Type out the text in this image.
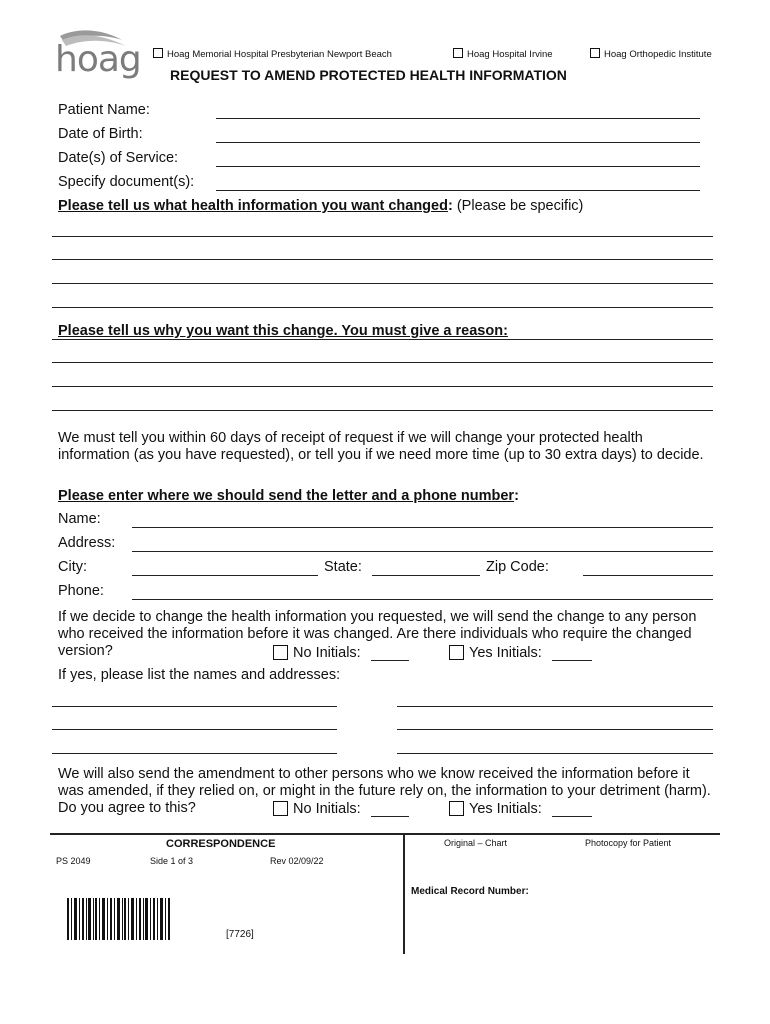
hoag	Hoag Memorial Hospital Presbyterian Newport Beach	Hoag Hospital Irvine	Hoag Orthopedic Institute
REQUEST TO AMEND PROTECTED HEALTH INFORMATION
Patient Name:
Date of Birth:
Date(s) of Service:
Specify document(s):
Please tell us what health information you want changed: (Please be specific)
Please tell us why you want this change. You must give a reason:
We must tell you within 60 days of receipt of request if we will change your protected health information (as you have requested), or tell you if we need more time (up to 30 extra days) to decide.
Please enter where we should send the letter and a phone number:
Name:
Address:
City:	State:	Zip Code:
Phone:
If we decide to change the health information you requested, we will send the change to any person who received the information before it was changed. Are there individuals who require the changed version?	No Initials:	Yes Initials:
If yes, please list the names and addresses:
We will also send the amendment to other persons who we know received the information before it was amended, if they relied on, or might in the future rely on, the information to your detriment (harm). Do you agree to this?	No Initials:	Yes Initials:
CORRESPONDENCE
PS 2049	Side 1 of 3	Rev 02/09/22
[7726]
Original – Chart	Photocopy for Patient
Medical Record Number:
